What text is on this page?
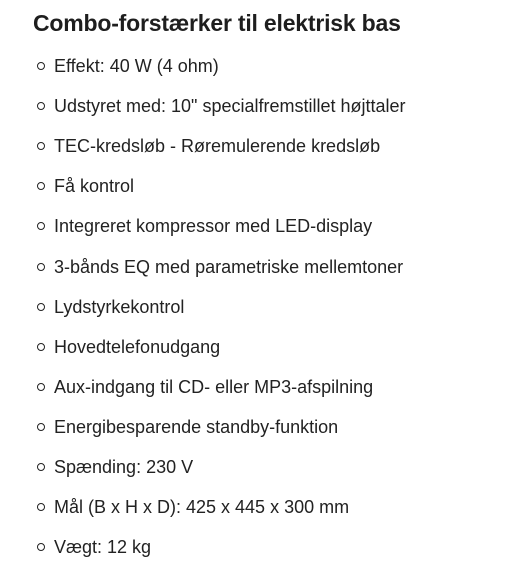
Combo-forstærker til elektrisk bas
Effekt: 40 W (4 ohm)
Udstyret med: 10" specialfremstillet højttaler
TEC-kredsløb - Røremulerende kredsløb
Få kontrol
Integreret kompressor med LED-display
3-bånds EQ med parametriske mellemtoner
Lydstyrkekontrol
Hovedtelefonudgang
Aux-indgang til CD- eller MP3-afspilning
Energibesparende standby-funktion
Spænding: 230 V
Mål (B x H x D): 425 x 445 x 300 mm
Vægt: 12 kg
